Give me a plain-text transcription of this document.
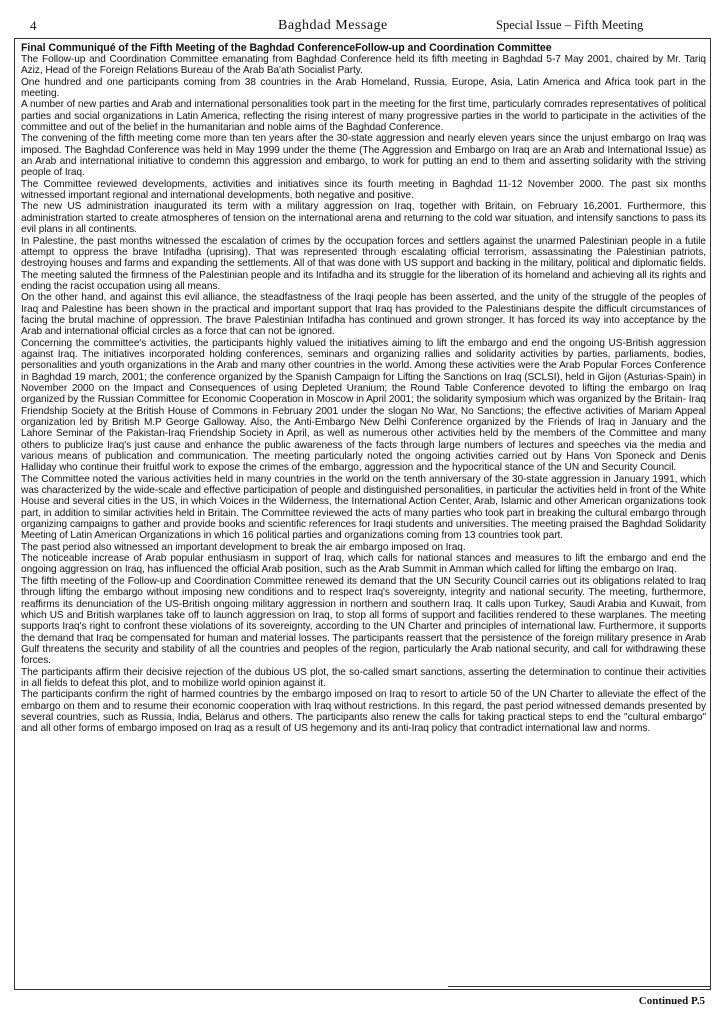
4	Baghdad Message	Special Issue – Fifth Meeting
Final Communiqué of the Fifth Meeting of the Baghdad ConferenceFollow-up and Coordination Committee

The Follow-up and Coordination Committee emanating from Baghdad Conference held its fifth meeting in Baghdad 5-7 May 2001, chaired by Mr. Tariq Aziz, Head of the Foreign Relations Bureau of the Arab Ba'ath Socialist Party.

One hundred and one participants coming from 38 countries in the Arab Homeland, Russia, Europe, Asia, Latin America and Africa took part in the meeting.

A number of new parties and Arab and international personalities took part in the meeting for the first time, particularly comrades representatives of political parties and social organizations in Latin America, reflecting the rising interest of many progressive parties in the world to participate in the activities of the committee and out of the belief in the humanitarian and noble aims of the Baghdad Conference.

The convening of the fifth meeting come more than ten years after the 30-state aggression and nearly eleven years since the unjust embargo on Iraq was imposed. The Baghdad Conference was held in May 1999 under the theme (The Aggression and Embargo on Iraq are an Arab and International Issue) as an Arab and international initiative to condemn this aggression and embargo, to work for putting an end to them and asserting solidarity with the striving people of Iraq.

The Committee reviewed developments, activities and initiatives since its fourth meeting in Baghdad 11-12 November 2000. The past six months witnessed important regional and international developments, both negative and positive.

The new US administration inaugurated its term with a military aggression on Iraq, together with Britain, on February 16,2001. Furthermore, this administration started to create atmospheres of tension on the international arena and returning to the cold war situation, and intensify sanctions to pass its evil plans in all continents.

In Palestine, the past months witnessed the escalation of crimes by the occupation forces and settlers against the unarmed Palestinian people in a futile attempt to oppress the brave Intifadha (uprising). That was represented through escalating official terrorism, assassinating the Palestinian patriots, destroying houses and farms and expanding the settlements. All of that was done with US support and backing in the military, political and diplomatic fields. The meeting saluted the firmness of the Palestinian people and its Intifadha and its struggle for the liberation of its homeland and achieving all its rights and ending the racist occupation using all means.

On the other hand, and against this evil alliance, the steadfastness of the Iraqi people has been asserted, and the unity of the struggle of the peoples of Iraq and Palestine has been shown in the practical and important support that Iraq has provided to the Palestinians despite the difficult circumstances of facing the brutal machine of oppression. The brave Palestinian Intifadha has continued and grown stronger. It has forced its way into acceptance by the Arab and international official circles as a force that can not be ignored.

Concerning the committee's activities, the participants highly valued the initiatives aiming to lift the embargo and end the ongoing US-British aggression against Iraq. The initiatives incorporated holding conferences, seminars and organizing rallies and solidarity activities by parties, parliaments, bodies, personalities and youth organizations in the Arab and many other countries in the world. Among these activities were the Arab Popular Forces Conference in Baghdad 19 march, 2001; the conference organized by the Spanish Campaign for Lifting the Sanctions on Iraq (SCLSI), held in Gijon (Asturias-Spain) in November 2000 on the Impact and Consequences of using Depleted Uranium; the Round Table Conference devoted to lifting the embargo on Iraq organized by the Russian Committee for Economic Cooperation in Moscow in April 2001; the solidarity symposium which was organized by the Britain- Iraq Friendship Society at the British House of Commons in February 2001 under the slogan No War, No Sanctions; the effective activities of Mariam Appeal organization led by British M.P George Galloway. Also, the Anti-Embargo New Delhi Conference organized by the Friends of Iraq in January and the Lahore Seminar of the Pakistan-Iraq Friendship Society in April, as well as numerous other activities held by the members of the Committee and many others to publicize Iraq's just cause and enhance the public awareness of the facts through large numbers of lectures and speeches via the media and various means of publication and communication. The meeting particularly noted the ongoing activities carried out by Hans Von Sponeck and Denis Halliday who continue their fruitful work to expose the crimes of the embargo, aggression and the hypocritical stance of the UN and Security Council.

The Committee noted the various activities held in many countries in the world on the tenth anniversary of the 30-state aggression in January 1991, which was characterized by the wide-scale and effective participation of people and distinguished personalities, in particular the activities held in front of the White House and several cities in the US, in which Voices in the Wilderness, the International Action Center, Arab, Islamic and other American organizations took part, in addition to similar activities held in Britain. The Committee reviewed the acts of many parties who took part in breaking the cultural embargo through organizing campaigns to gather and provide books and scientific references for Iraqi students and universities. The meeting praised the Baghdad Solidarity Meeting of Latin American Organizations in which 16 political parties and organizations coming from 13 countries took part.

The past period also witnessed an important development to break the air embargo imposed on Iraq.

The noticeable increase of Arab popular enthusiasm in support of Iraq, which calls for national stances and measures to lift the embargo and end the ongoing aggression on Iraq, has influenced the official Arab position, such as the Arab Summit in Amman which called for lifting the embargo on Iraq.

The fifth meeting of the Follow-up and Coordination Committee renewed its demand that the UN Security Council carries out its obligations related to Iraq through lifting the embargo without imposing new conditions and to respect Iraq's sovereignty, integrity and national security. The meeting, furthermore, reaffirms its denunciation of the US-British ongoing military aggression in northern and southern Iraq. It calls upon Turkey, Saudi Arabia and Kuwait, from which US and British warplanes take off to launch aggression on Iraq, to stop all forms of support and facilities rendered to these warplanes. The meeting supports Iraq's right to confront these violations of its sovereignty, according to the UN Charter and principles of international law. Furthermore, it supports the demand that Iraq be compensated for human and material losses. The participants reassert that the persistence of the foreign military presence in Arab Gulf threatens the security and stability of all the countries and peoples of the region, particularly the Arab national security, and call for withdrawing these forces.

The participants affirm their decisive rejection of the dubious US plot, the so-called smart sanctions, asserting the determination to continue their activities in all fields to defeat this plot, and to mobilize world opinion against it.

The participants confirm the right of harmed countries by the embargo imposed on Iraq to resort to article 50 of the UN Charter to alleviate the effect of the embargo on them and to resume their economic cooperation with Iraq without restrictions. In this regard, the past period witnessed demands presented by several countries, such as Russia, India, Belarus and others. The participants also renew the calls for taking practical steps to end the "cultural embargo" and all other forms of embargo imposed on Iraq as a result of US hegemony and its anti-Iraq policy that contradict international law and norms.

Continued P.5
